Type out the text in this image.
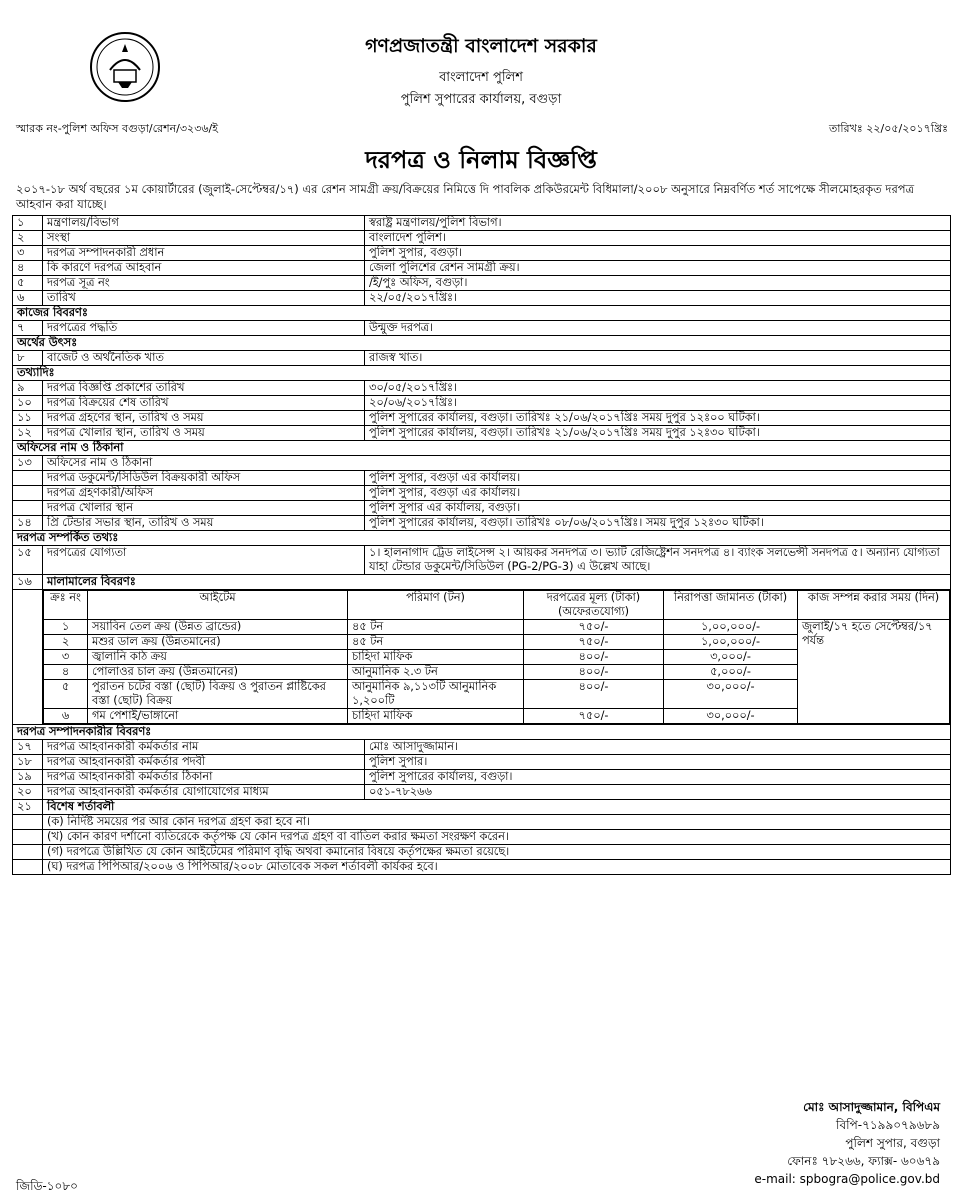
গণপ্রজাতন্ত্রী বাংলাদেশ সরকার
বাংলাদেশ পুলিশ
পুলিশ সুপারের কার্যালয়, বগুড়া
স্মারক নং-পুলিশ অফিস বগুড়া/রেশন/৩২৩৬/ই	তারিখঃ ২২/০৫/২০১৭খ্রিঃ
দরপত্র ও নিলাম বিজ্ঞপ্তি
২০১৭-১৮ অর্থ বছরের ১ম কোয়ার্টারের (জুলাই-সেপ্টেম্বর/১৭) এর রেশন সামগ্রী ক্রয়/বিক্রয়ের নিমিত্তে দি পাবলিক প্রকিউরমেন্ট বিধিমালা/২০০৮ অনুসারে নিম্নবর্ণিত শর্ত সাপেক্ষে সীলমোহরকৃত দরপত্র আহবান করা যাচ্ছে।
১	মন্ত্রণালয়/বিভাগ	স্বরাষ্ট্র মন্ত্রণালয়/পুলিশ বিভাগ।
২	সংস্থা	বাংলাদেশ পুলিশ।
৩	দরপত্র সম্পাদনকারী প্রধান	পুলিশ সুপার, বগুড়া।
৪	কি কারণে দরপত্র আহবান	জেলা পুলিশের রেশন সামগ্রী ক্রয়।
৫	দরপত্র সূত্র নং	/ই/পুঃ অফিস, বগুড়া।
৬	তারিখ	২২/০৫/২০১৭খ্রিঃ।
কাজের বিবরণঃ
৭	দরপত্রের পদ্ধতি	উন্মুক্ত দরপত্র।
অর্থের উৎসঃ
৮	বাজেট ও অর্থনৈতিক খাত	রাজস্ব খাত।
তথ্যাদিঃ
৯	দরপত্র বিজ্ঞপ্তি প্রকাশের তারিখ	৩০/০৫/২০১৭খ্রিঃ।
১০	দরপত্র বিক্রয়ের শেষ তারিখ	২০/০৬/২০১৭খ্রিঃ।
১১	দরপত্র গ্রহণের স্থান, তারিখ ও সময়	পুলিশ সুপারের কার্যালয়, বগুড়া। তারিখঃ ২১/০৬/২০১৭খ্রিঃ সময় দুপুর ১২ঃ০০ ঘটিকা।
১২	দরপত্র খোলার স্থান, তারিখ ও সময়	পুলিশ সুপারের কার্যালয়, বগুড়া। তারিখঃ ২১/০৬/২০১৭খ্রিঃ সময় দুপুর ১২ঃ৩০ ঘটিকা।
অফিসের নাম ও ঠিকানা
১৩	অফিসের নাম ও ঠিকানা
	দরপত্র ডকুমেন্ট/সিডিউল বিক্রয়কারী অফিস	পুলিশ সুপার, বগুড়া এর কার্যালয়।
	দরপত্র গ্রহণকারী/অফিস	পুলিশ সুপার, বগুড়া এর কার্যালয়।
	দরপত্র খোলার স্থান	পুলিশ সুপার এর কার্যালয়, বগুড়া।
১৪	প্রি টেন্ডার সভার স্থান, তারিখ ও সময়	পুলিশ সুপারের কার্যালয়, বগুড়া। তারিখঃ ০৮/০৬/২০১৭খ্রিঃ। সময় দুপুর ১২ঃ৩০ ঘটিকা।
দরপত্র সম্পর্কিত তথ্যঃ
১৫	দরপত্রের যোগ্যতা	১। হালনাগাদ ট্রেড লাইসেন্স ২। আয়কর সনদপত্র ৩। ভ্যাট রেজিষ্ট্রেশন সনদপত্র ৪। ব্যাংক সলভেন্সী সনদপত্র ৫। অন্যান্য যোগ্যতা যাহা টেন্ডার ডকুমেন্ট/সিডিউল (PG-2/PG-3) এ উল্লেখ আছে।
১৬	মালামালের বিবরণঃ

ক্রঃ নং	আইটেম	পরিমাণ (টন)	দরপত্রের মূল্য (টাকা) (অফেরতযোগ্য)	নিরাপত্তা জামানত (টাকা)	কাজ সম্পন্ন করার সময় (দিন)
১	সয়াবিন তেল ক্রয় (উন্নত ব্রান্ডের)	৪৫ টন	৭৫০/-	১,০০,০০০/-	জুলাই/১৭ হতে সেপ্টেম্বর/১৭ পর্যন্ত
২	মশুর ডাল ক্রয় (উন্নতমানের)	৪৫ টন	৭৫০/-	১,০০,০০০/-
৩	জ্বালানি কাঠ ক্রয়	চাহিদা মাফিক	৪০০/-	৩,০০০/-
৪	পোলাওর চাল ক্রয় (উন্নতমানের)	আনুমানিক ২.৩ টন	৪০০/-	৫,০০০/-
৫	পুরাতন চটের বস্তা (ছোট) বিক্রয় ও পুরাতন প্লাষ্টিকের বস্তা (ছোট) বিক্রয়	আনুমানিক ৯,১১৩টি আনুমানিক ১,২০০টি	৪০০/-	৩০,০০০/-
৬	গম পেশাই/ভাঙ্গানো	চাহিদা মাফিক	৭৫০/-	৩০,০০০/-

দরপত্র সম্পাদনকারীর বিবরণঃ
১৭	দরপত্র আহবানকারী কর্মকর্তার নাম	মোঃ আসাদুজ্জামান।
১৮	দরপত্র আহবানকারী কর্মকর্তার পদবী	পুলিশ সুপার।
১৯	দরপত্র আহবানকারী কর্মকর্তার ঠিকানা	পুলিশ সুপারের কার্যালয়, বগুড়া।
২০	দরপত্র আহবানকারী কর্মকর্তার যোগাযোগের মাধ্যম	০৫১-৭৮২৬৬
২১	বিশেষ শর্তাবলী
	(ক) নির্দিষ্ট সময়ের পর আর কোন দরপত্র গ্রহণ করা হবে না।
	(খ) কোন কারণ দর্শানো ব্যতিরেকে কর্তৃপক্ষ যে কোন দরপত্র গ্রহণ বা বাতিল করার ক্ষমতা সংরক্ষণ করেন।
	(গ) দরপত্রে উল্লিখিত যে কোন আইটেমের পরিমাণ বৃদ্ধি অথবা কমানোর বিষয়ে কর্তৃপক্ষের ক্ষমতা রয়েছে।
	(ঘ) দরপত্র পিপিআর/২০০৬ ও পিপিআর/২০০৮ মোতাবেক সকল শর্তাবলী কার্যকর হবে।
মোঃ আসাদুজ্জামান, বিপিএম
বিপি-৭১৯৯০৭৯৬৮৯
পুলিশ সুপার, বগুড়া
ফোনঃ ৭৮২৬৬, ফ্যাক্স- ৬০৬৭৯
e-mail: spbogra@police.gov.bd
জিডি-১০৮০
